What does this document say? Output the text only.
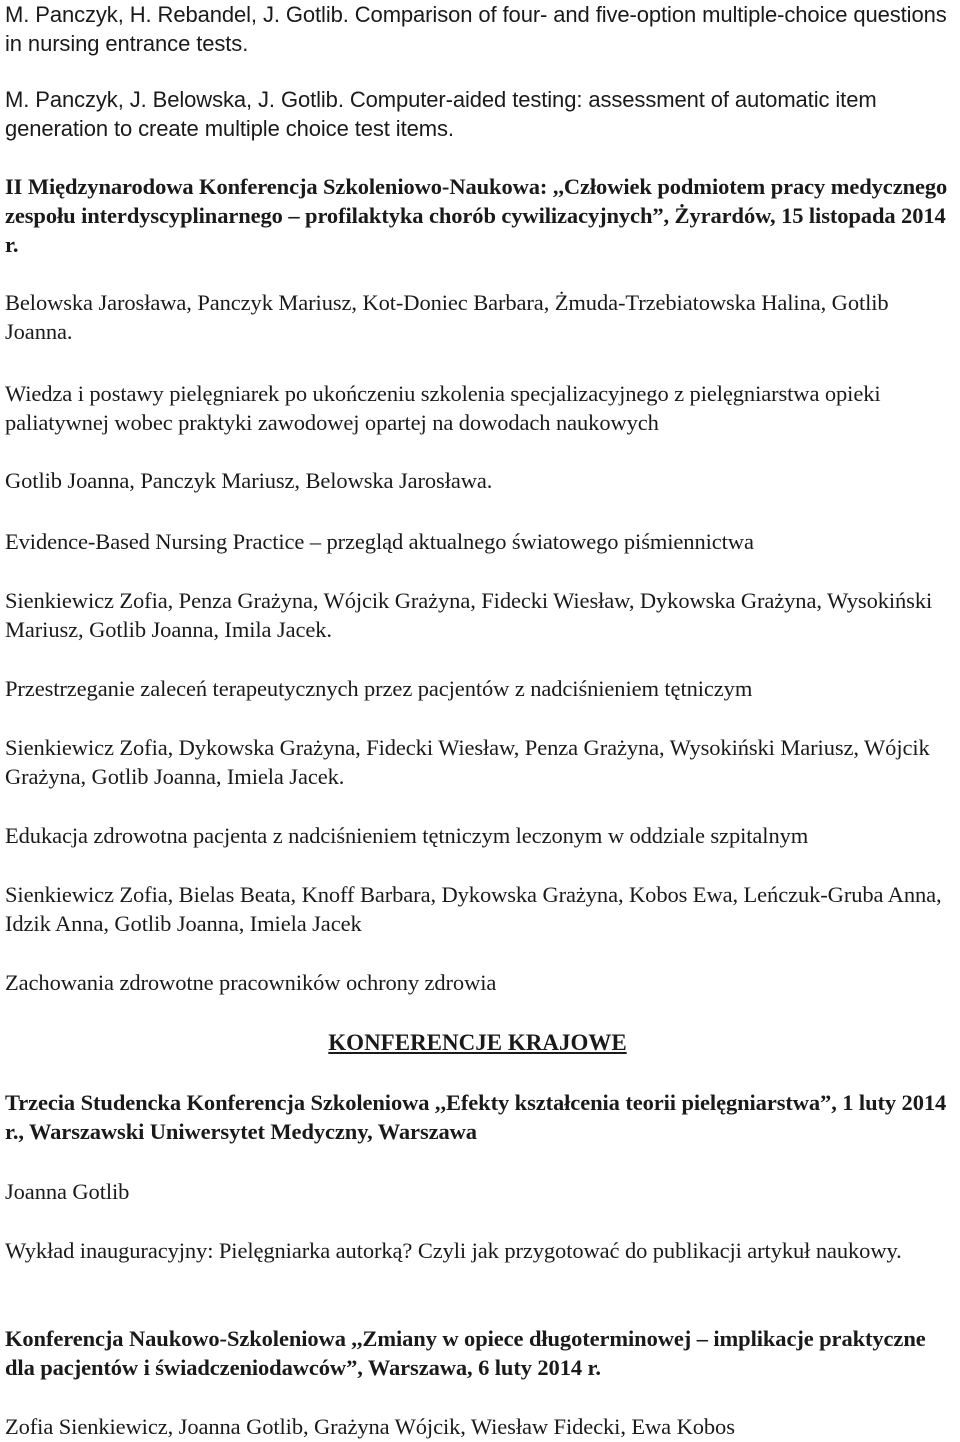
M. Panczyk, H. Rebandel, J. Gotlib. Comparison of four- and five-option multiple-choice questions in nursing entrance tests.

M. Panczyk, J. Belowska, J. Gotlib. Computer-aided testing: assessment of automatic item generation to create multiple choice test items.

II Międzynarodowa Konferencja Szkoleniowo-Naukowa: ,,Człowiek podmiotem pracy medycznego zespołu interdyscyplinarnego – profilaktyka chorób cywilizacyjnych”, Żyrardów, 15 listopada 2014 r.

Belowska Jarosława, Panczyk Mariusz, Kot-Doniec Barbara, Żmuda-Trzebiatowska Halina, Gotlib Joanna.

Wiedza i postawy pielęgniarek po ukończeniu szkolenia specjalizacyjnego z pielęgniarstwa opieki paliatywnej wobec praktyki zawodowej opartej na dowodach naukowych

Gotlib Joanna, Panczyk Mariusz, Belowska Jarosława.

Evidence-Based Nursing Practice – przegląd aktualnego światowego piśmiennictwa

Sienkiewicz Zofia, Penza Grażyna, Wójcik Grażyna, Fidecki Wiesław, Dykowska Grażyna, Wysokiński Mariusz, Gotlib Joanna, Imila Jacek.

Przestrzeganie zaleceń terapeutycznych przez pacjentów z nadciśnieniem tętniczym

Sienkiewicz Zofia, Dykowska Grażyna, Fidecki Wiesław, Penza Grażyna, Wysokiński Mariusz, Wójcik Grażyna, Gotlib Joanna, Imiela Jacek.

Edukacja zdrowotna pacjenta z nadciśnieniem tętniczym leczonym w oddziale szpitalnym

Sienkiewicz Zofia, Bielas Beata, Knoff Barbara, Dykowska Grażyna, Kobos Ewa, Leńczuk-Gruba Anna, Idzik Anna, Gotlib Joanna, Imiela Jacek

Zachowania zdrowotne pracowników ochrony zdrowia

KONFERENCJE KRAJOWE

Trzecia Studencka Konferencja Szkoleniowa ,,Efekty kształcenia teorii pielęgniarstwa”, 1 luty 2014 r., Warszawski Uniwersytet Medyczny, Warszawa

Joanna Gotlib

Wykład inauguracyjny: Pielęgniarka autorką? Czyli jak przygotować do publikacji artykuł naukowy.

Konferencja Naukowo-Szkoleniowa ,,Zmiany w opiece długoterminowej – implikacje praktyczne dla pacjentów i świadczeniodawców”, Warszawa, 6 luty 2014 r.

Zofia Sienkiewicz, Joanna Gotlib, Grażyna Wójcik, Wiesław Fidecki, Ewa Kobos
